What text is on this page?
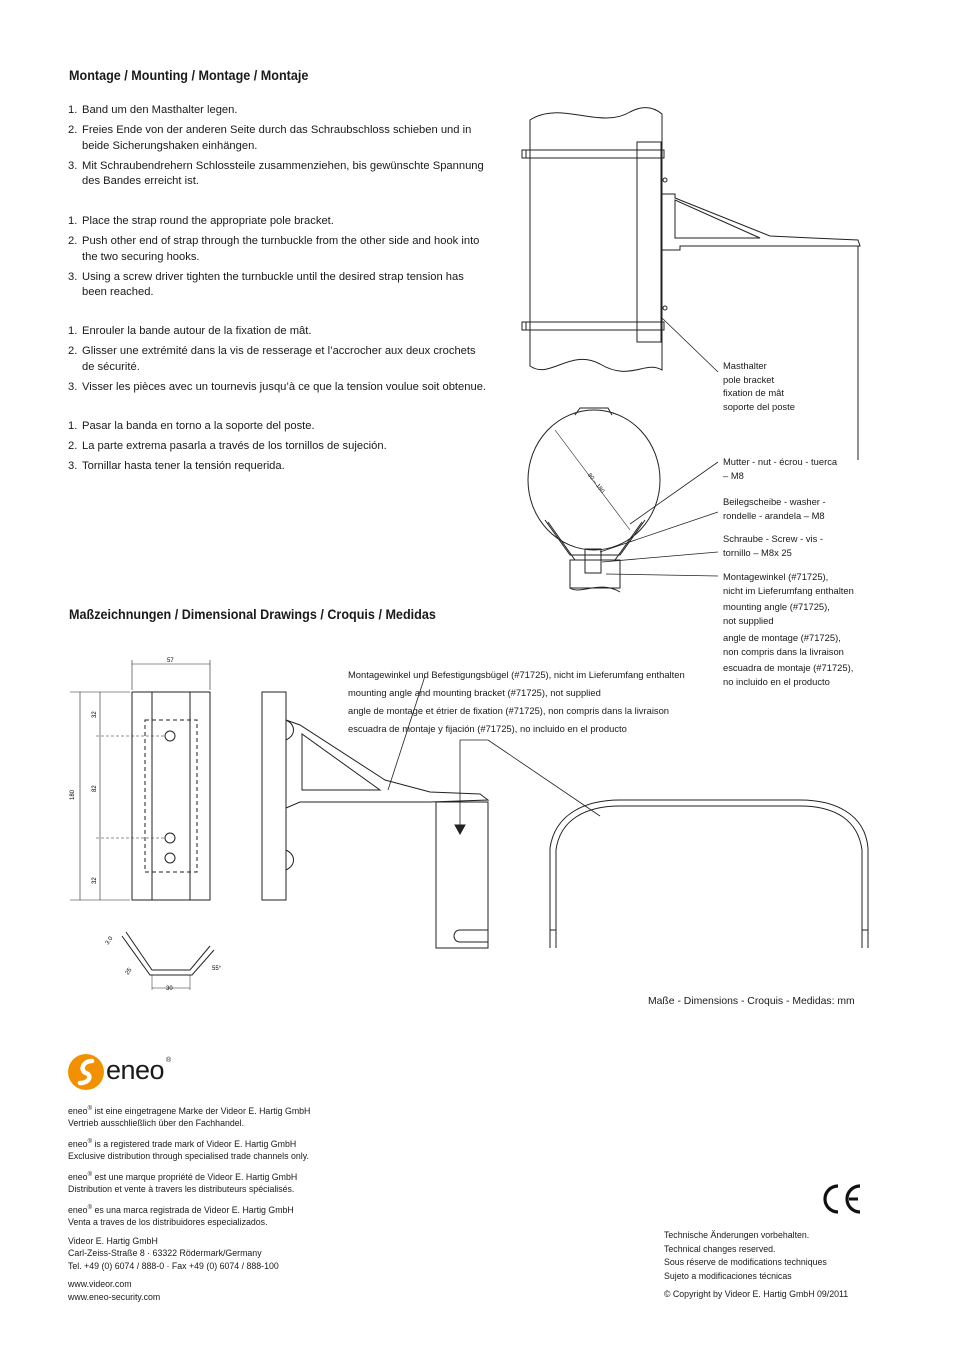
Montage / Mounting / Montage / Montaje
1. Band um den Masthalter legen.
2. Freies Ende von der anderen Seite durch das Schraubschloss schieben und in beide Sicherungshaken einhängen.
3. Mit Schraubendrehern Schlossteile zusammenziehen, bis gewünschte Spannung des Bandes erreicht ist.
1. Place the strap round the appropriate pole bracket.
2. Push other end of strap through the turnbuckle from the other side and hook into the two securing hooks.
3. Using a screw driver tighten the turnbuckle until the desired strap tension has been reached.
1. Enrouler la bande autour de la fixation de mât.
2. Glisser une extrémité dans la vis de resserage et l’accrocher aux deux crochets de sécurité.
3. Visser les pièces avec un tournevis jusqu’à ce que la tension voulue soit obtenue.
1. Pasar la banda en torno a la soporte del poste.
2. La parte extrema pasarla a través de los tornillos de sujeción.
3. Tornillar hasta tener la tensión requerida.
80 – 180
Masthalter
pole bracket
fixation de mât
soporte del poste
Mutter - nut - écrou - tuerca
– M8
Beilegscheibe - washer -
rondelle - arandela – M8
Schraube - Screw - vis -
tornillo – M8x 25
Montagewinkel (#71725),
nicht im Lieferumfang enthalten
mounting angle (#71725),
not supplied
angle de montage (#71725),
non compris dans la livraison
escuadra de montaje (#71725),
no incluido en el producto
Maßzeichnungen / Dimensional Drawings / Croquis / Medidas
57
180
32
82
32
30
3.0
25	55°
Montagewinkel und Befestigungsbügel (#71725), nicht im Lieferumfang enthalten
mounting angle and mounting bracket (#71725), not supplied
angle de montage et étrier de fixation (#71725), non compris dans la livraison
escuadra de montaje y fijación (#71725), no incluido en el producto
Maße - Dimensions - Croquis - Medidas: mm
eneo ®
eneo® ist eine eingetragene Marke der Videor E. Hartig GmbH
Vertrieb ausschließlich über den Fachhandel.
eneo® is a registered trade mark of Videor E. Hartig GmbH
Exclusive distribution through specialised trade channels only.
eneo® est une marque propriété de Videor E. Hartig GmbH
Distribution et vente à travers les distributeurs spécialisés.
eneo® es una marca registrada de Videor E. Hartig GmbH
Venta a traves de los distribuidores especializados.
Videor E. Hartig GmbH
Carl-Zeiss-Straße 8 · 63322 Rödermark/Germany
Tel. +49 (0) 6074 / 888-0 · Fax +49 (0) 6074 / 888-100
www.videor.com
www.eneo-security.com
Technische Änderungen vorbehalten.
Technical changes reserved.
Sous réserve de modifications techniques
Sujeto a modificaciones técnicas
© Copyright by Videor E. Hartig GmbH 09/2011
